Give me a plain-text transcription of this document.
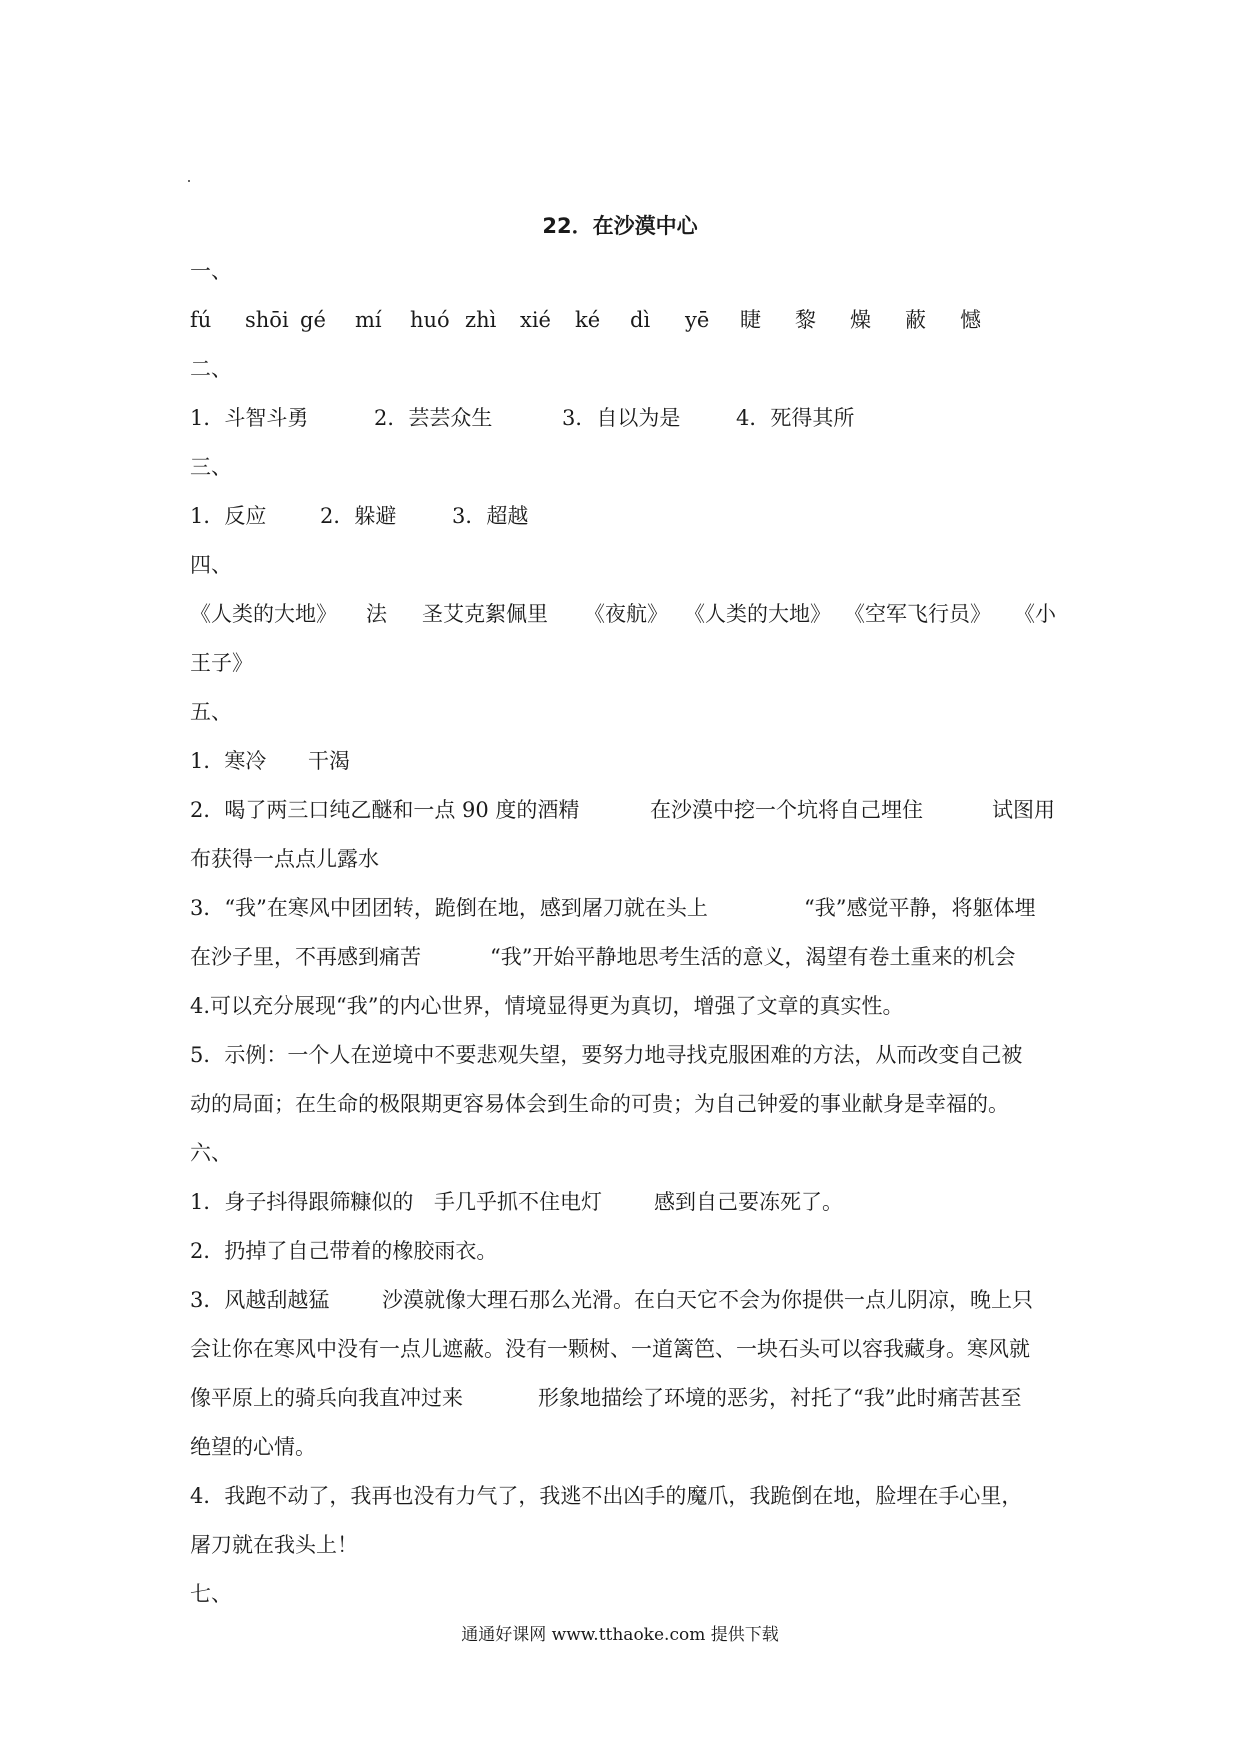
22．在沙漠中心
一、
fú shōi gé mí huó zhì xié ké dì yē 睫 黎 燥 蔽 憾
二、
1．斗智斗勇	2．芸芸众生	3．自以为是	4．死得其所
三、
1．反应	2．躲避	3．超越
四、
《人类的大地》 法 圣艾克絮佩里 《夜航》 《人类的大地》 《空军飞行员》 《小
王子》
五、
1．寒冷 干渴
2．喝了两三口纯乙醚和一点 90 度的酒精	在沙漠中挖一个坑将自己埋住	试图用
布获得一点点儿露水
3．“我”在寒风中团团转，跪倒在地，感到屠刀就在头上	“我”感觉平静，将躯体埋
在沙子里，不再感到痛苦	“我”开始平静地思考生活的意义，渴望有卷土重来的机会
4.可以充分展现“我”的内心世界，情境显得更为真切，增强了文章的真实性。
5．示例：一个人在逆境中不要悲观失望，要努力地寻找克服困难的方法，从而改变自己被
动的局面；在生命的极限期更容易体会到生命的可贵；为自己钟爱的事业献身是幸福的。
六、
1．身子抖得跟筛糠似的 手几乎抓不住电灯 感到自己要冻死了。
2．扔掉了自己带着的橡胶雨衣。
3．风越刮越猛	沙漠就像大理石那么光滑。在白天它不会为你提供一点儿阴凉，晚上只
会让你在寒风中没有一点儿遮蔽。没有一颗树、一道篱笆、一块石头可以容我藏身。寒风就
像平原上的骑兵向我直冲过来	形象地描绘了环境的恶劣，衬托了“我”此时痛苦甚至
绝望的心情。
4．我跑不动了，我再也没有力气了，我逃不出凶手的魔爪，我跪倒在地，脸埋在手心里，
屠刀就在我头上！
七、
通通好课网 www.tthaoke.com 提供下载
